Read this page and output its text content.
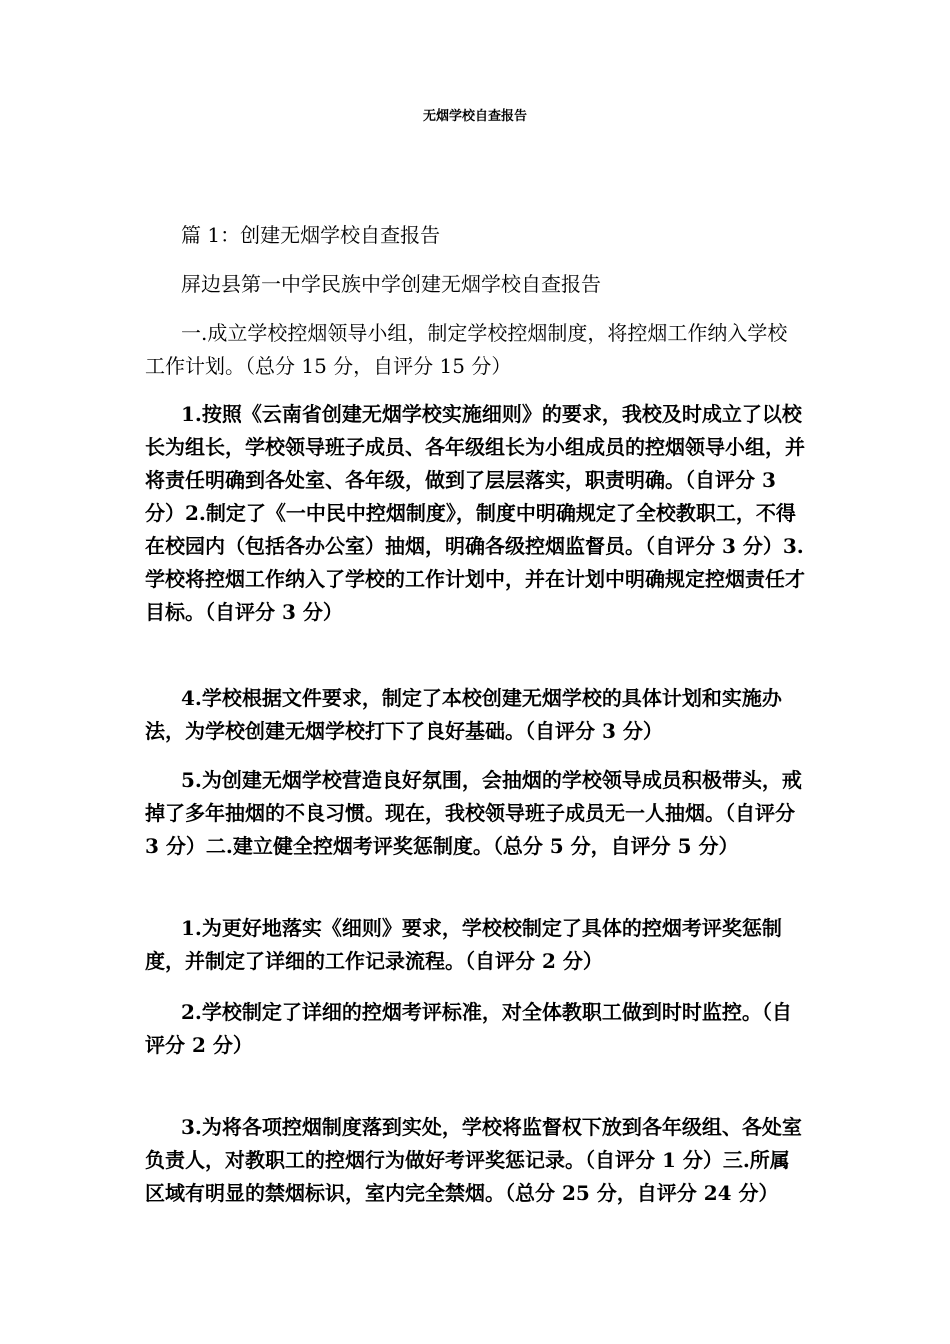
无烟学校自查报告

篇 1：创建无烟学校自查报告

屏边县第一中学民族中学创建无烟学校自查报告

一.成立学校控烟领导小组，制定学校控烟制度，将控烟工作纳入学校工作计划。（总分 15 分，自评分 15 分）

1.按照《云南省创建无烟学校实施细则》的要求，我校及时成立了以校长为组长，学校领导班子成员、各年级组长为小组成员的控烟领导小组，并将责任明确到各处室、各年级，做到了层层落实，职责明确。（自评分 3 分）2.制定了《一中民中控烟制度》，制度中明确规定了全校教职工，不得在校园内（包括各办公室）抽烟，明确各级控烟监督员。（自评分 3 分）3.学校将控烟工作纳入了学校的工作计划中，并在计划中明确规定控烟责任才目标。（自评分 3 分）

4.学校根据文件要求，制定了本校创建无烟学校的具体计划和实施办法，为学校创建无烟学校打下了良好基础。（自评分 3 分）

5.为创建无烟学校营造良好氛围，会抽烟的学校领导成员积极带头，戒掉了多年抽烟的不良习惯。现在，我校领导班子成员无一人抽烟。（自评分 3 分）二.建立健全控烟考评奖惩制度。（总分 5 分，自评分 5 分）

1.为更好地落实《细则》要求，学校校制定了具体的控烟考评奖惩制度，并制定了详细的工作记录流程。（自评分 2 分）

2.学校制定了详细的控烟考评标准，对全体教职工做到时时监控。（自评分 2 分）

3.为将各项控烟制度落到实处，学校将监督权下放到各年级组、各处室负责人，对教职工的控烟行为做好考评奖惩记录。（自评分 1 分）三.所属区域有明显的禁烟标识，室内完全禁烟。（总分 25 分，自评分 24 分）
